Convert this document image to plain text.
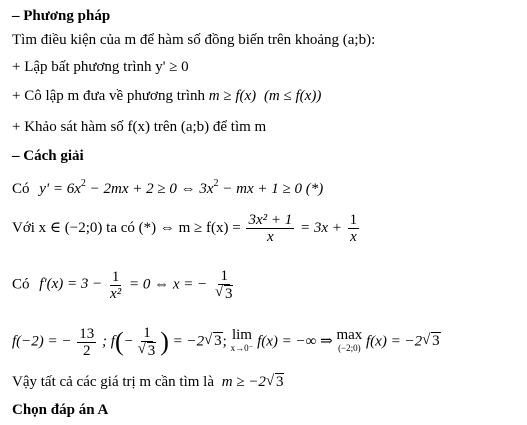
– Phương pháp
Tìm điều kiện của m để hàm số đồng biến trên khoảng (a;b):
+ Lập bất phương trình y' ≥ 0
+ Cô lập m đưa về phương trình m ≥ f(x) (m ≤ f(x))
+ Khảo sát hàm số f(x) trên (a;b) để tìm m
– Cách giải
Có $y' = 6x^2 - 2mx + 2 \ge 0$ ⇔ $3x^2$ − mx + 1 ≥ 0 (*)
Với x ∈ (−2;0) ta có (*) ⇔ $m \ge f(x) = \frac{\text{3x² + 1}}{x} = 3x + \frac{1}{x}$
Có $f'(x) = 3 - \frac{1}{\text{x²}} = 0$ ⇔ x = − $\frac{1}{√ 3}$
f(−2) = − $\frac{13}{2}$ ; $f(- \frac{1}{√ 3}$ ) = −2 √ 3; lim
x→0⁻ f(x) = −∞ ⇒ max
(−2;0) f(x) = −2 √ 3
Vậy tất cả các giá trị m cần tìm là m ≥ −2 √ 3
Chọn đáp án A
